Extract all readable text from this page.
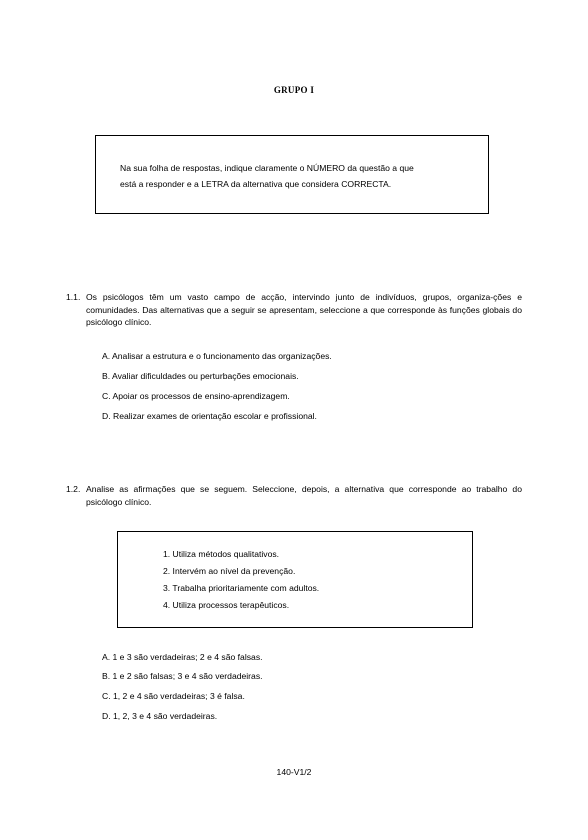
GRUPO I
Na sua folha de respostas, indique claramente o NÚMERO da questão a que
está a responder e a LETRA da alternativa que considera CORRECTA.
1.1. Os psicólogos têm um vasto campo de acção, intervindo junto de indivíduos, grupos, organiza-ções e comunidades. Das alternativas que a seguir se apresentam, seleccione a que corresponde às funções globais do psicólogo clínico.
A. Analisar a estrutura e o funcionamento das organizações.
B. Avaliar dificuldades ou perturbações emocionais.
C. Apoiar os processos de ensino-aprendizagem.
D. Realizar exames de orientação escolar e profissional.
1.2. Analise as afirmações que se seguem. Seleccione, depois, a alternativa que corresponde ao trabalho do psicólogo clínico.
1. Utiliza métodos qualitativos.
2. Intervém ao nível da prevenção.
3. Trabalha prioritariamente com adultos.
4. Utiliza processos terapêuticos.
A. 1 e 3 são verdadeiras; 2 e 4 são falsas.
B. 1 e 2 são falsas; 3 e 4 são verdadeiras.
C. 1, 2 e 4 são verdadeiras; 3 é falsa.
D. 1, 2, 3 e 4 são verdadeiras.
140-V1/2
